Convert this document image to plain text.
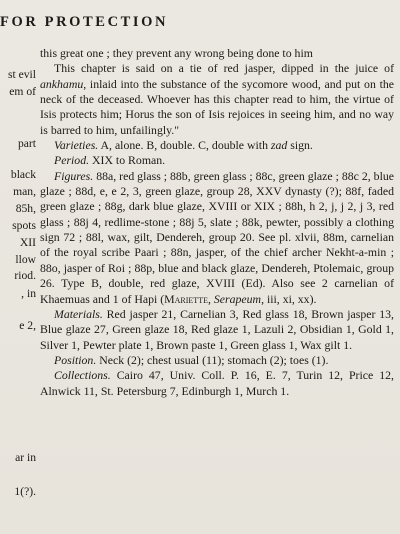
FOR PROTECTION
st evil
em of
part
black
man,
85h,
spots
XII
llow
riod.
, in
e 2,
ar in
1(?).

this great one ; they prevent any wrong being done to him

This chapter is said on a tie of red jasper, dipped in the juice of ankhamu, inlaid into the substance of the sycomore wood, and put on the neck of the deceased. Whoever has this chapter read to him, the virtue of Isis protects him; Horus the son of Isis rejoices in seeing him, and no way is barred to him, unfailingly."

Varieties. A, alone. B, double. C, double with zad sign.

Period. XIX to Roman.

Figures. 88a, red glass ; 88b, green glass ; 88c, green glaze ; 88c 2, blue glaze ; 88d, e, e 2, 3, green glaze, group 28, XXV dynasty (?); 88f, faded green glaze ; 88g, dark blue glaze, XVIII or XIX ; 88h, h 2, j, j 2, j 3, red glass ; 88j 4, redlime-stone ; 88j 5, slate ; 88k, pewter, possibly a clothing sign 72 ; 88l, wax, gilt, Dendereh, group 20. See pl. xlvii, 88m, carnelian of the royal scribe Paari ; 88n, jasper, of the chief archer Nekht-a-min ; 88o, jasper of Roi ; 88p, blue and black glaze, Dendereh, Ptolemaic, group 26. Type B, double, red glaze, XVIII (Ed). Also see 2 carnelian of Khaemuas and 1 of Hapi (Mariette, Serapeum, iii, xi, xx).

Materials. Red jasper 21, Carnelian 3, Red glass 18, Brown jasper 13, Blue glaze 27, Green glaze 18, Red glaze 1, Lazuli 2, Obsidian 1, Gold 1, Silver 1, Pewter plate 1, Brown paste 1, Green glass 1, Wax gilt 1.

Position. Neck (2); chest usual (11); stomach (2); toes (1).

Collections. Cairo 47, Univ. Coll. P. 16, E. 7, Turin 12, Price 12, Alnwick 11, St. Petersburg 7, Edinburgh 1, Murch 1.
